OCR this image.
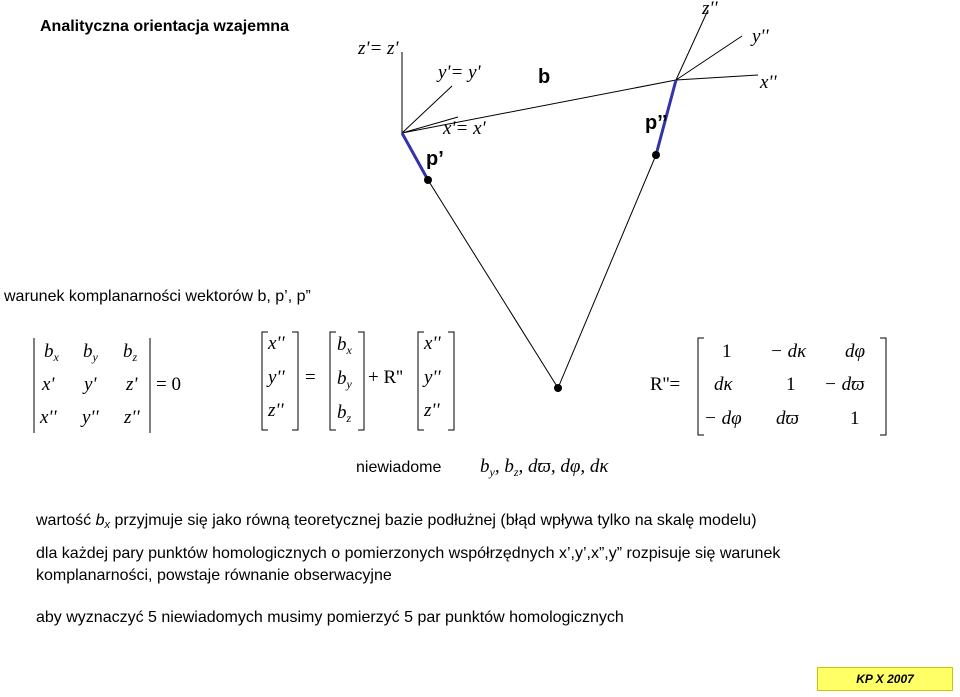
Analityczna orientacja wzajemna
z'= z'
y'= y'
x'= x'
p’
b
z''
y''
x''
p’’
warunek komplanarności wektorów b, p’, p”
$b_x$ $b_y$ $b_z$
x' y' z'
x'' y'' z''
= 0
x''
y''
z''
=
$b_x$
$b_y$
$b_z$
+ R''
x''
y''
z''
R''=
1 − dκ dφ
dκ	1 − dϖ
− dφ dϖ	1
niewiadome $b_y$, $b_z$, dϖ, dφ, dκ
wartość bx przyjmuje się jako równą teoretycznej bazie podłużnej (błąd wpływa tylko na skalę modelu)
dla każdej pary punktów homologicznych o pomierzonych współrzędnych x’,y’,x”,y” rozpisuje się warunek
komplanarności, powstaje równanie obserwacyjne
aby wyznaczyć 5 niewiadomych musimy pomierzyć 5 par punktów homologicznych
KP X 2007
